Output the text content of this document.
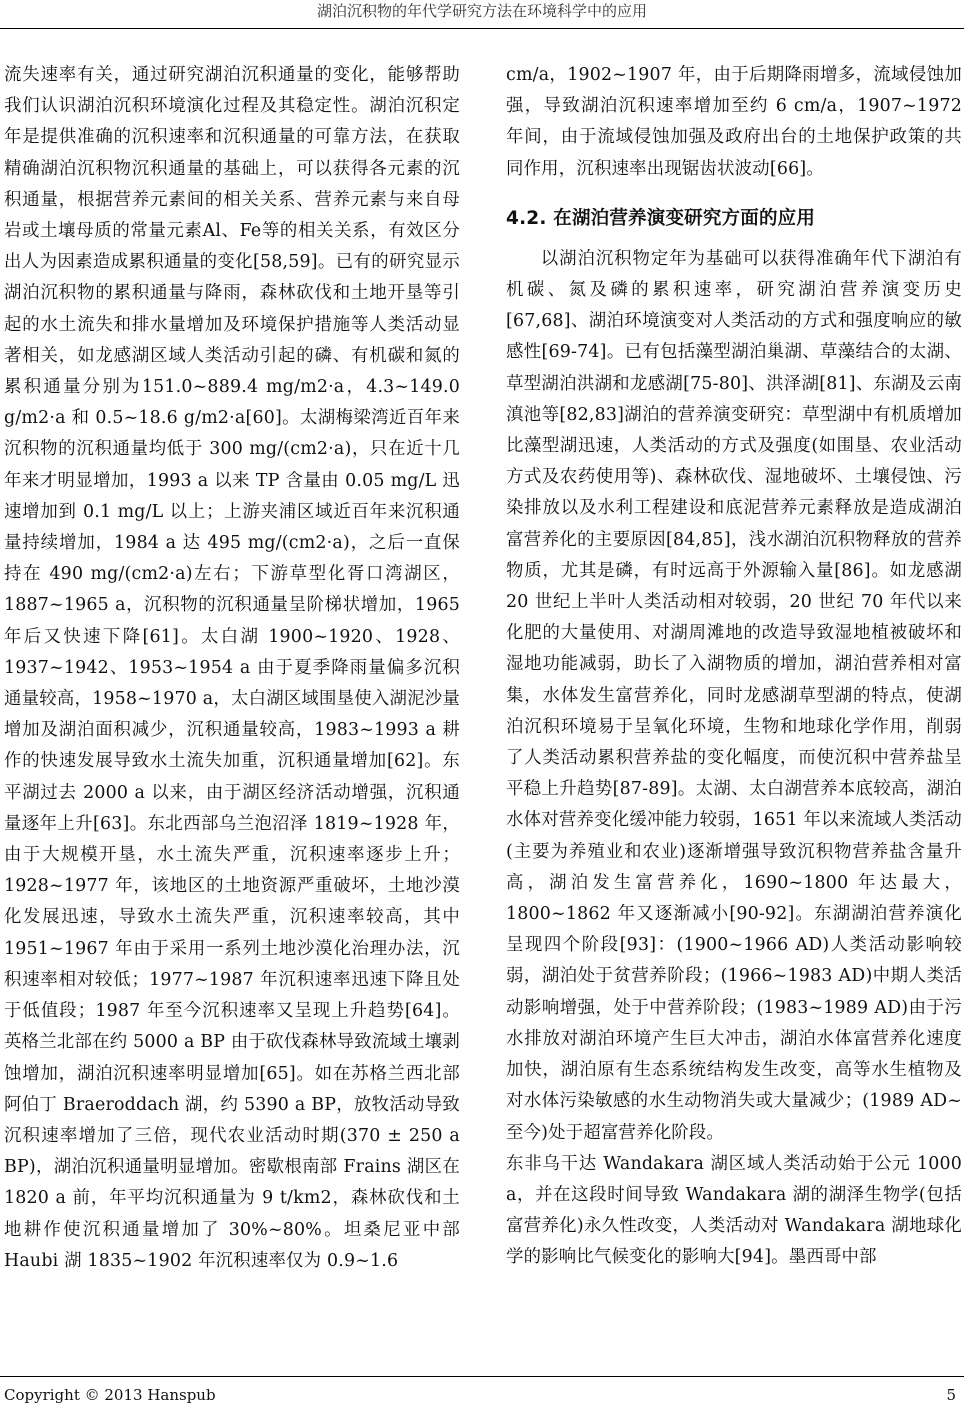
湖泊沉积物的年代学研究方法在环境科学中的应用

流失速率有关，通过研究湖泊沉积通量的变化，能够帮助我们认识湖泊沉积环境演化过程及其稳定性。湖泊沉积定年是提供准确的沉积速率和沉积通量的可靠方法，在获取精确湖泊沉积物沉积通量的基础上，可以获得各元素的沉积通量，根据营养元素间的相关关系、营养元素与来自母岩或土壤母质的常量元素Al、Fe等的相关关系，有效区分出人为因素造成累积通量的变化[58,59]。已有的研究显示湖泊沉积物的累积通量与降雨，森林砍伐和土地开垦等引起的水土流失和排水量增加及环境保护措施等人类活动显著相关，如龙感湖区域人类活动引起的磷、有机碳和氮的累积通量分别为151.0~889.4 mg/m2·a，4.3~149.0 g/m2·a 和 0.5~18.6 g/m2·a[60]。太湖梅梁湾近百年来沉积物的沉积通量均低于 300 mg/(cm2·a)，只在近十几年来才明显增加，1993 a 以来 TP 含量由 0.05 mg/L 迅速增加到 0.1 mg/L 以上；上游夹浦区域近百年来沉积通量持续增加，1984 a 达 495 mg/(cm2·a)，之后一直保持在 490 mg/(cm2·a)左右；下游草型化胥口湾湖区，1887~1965 a，沉积物的沉积通量呈阶梯状增加，1965 年后又快速下降[61]。太白湖 1900~1920、1928、1937~1942、1953~1954 a 由于夏季降雨量偏多沉积通量较高，1958~1970 a，太白湖区域围垦使入湖泥沙量增加及湖泊面积减少，沉积通量较高，1983~1993 a 耕作的快速发展导致水土流失加重，沉积通量增加[62]。东平湖过去 2000 a 以来，由于湖区经济活动增强，沉积通量逐年上升[63]。东北西部乌兰泡沼泽 1819~1928 年，由于大规模开垦，水土流失严重，沉积速率逐步上升；1928~1977 年，该地区的土地资源严重破坏，土地沙漠化发展迅速，导致水土流失严重，沉积速率较高，其中 1951~1967 年由于采用一系列土地沙漠化治理办法，沉积速率相对较低；1977~1987 年沉积速率迅速下降且处于低值段；1987 年至今沉积速率又呈现上升趋势[64]。英格兰北部在约 5000 a BP 由于砍伐森林导致流域土壤剥蚀增加，湖泊沉积速率明显增加[65]。如在苏格兰西北部阿伯丁 Braeroddach 湖，约 5390 a BP，放牧活动导致沉积速率增加了三倍，现代农业活动时期(370 ± 250 a BP)，湖泊沉积通量明显增加。密歇根南部 Frains 湖区在 1820 a 前，年平均沉积通量为 9 t/km2，森林砍伐和土地耕作使沉积通量增加了 30%~80%。坦桑尼亚中部 Haubi 湖 1835~1902 年沉积速率仅为 0.9~1.6

cm/a，1902~1907 年，由于后期降雨增多，流域侵蚀加强，导致湖泊沉积速率增加至约 6 cm/a，1907~1972 年间，由于流域侵蚀加强及政府出台的土地保护政策的共同作用，沉积速率出现锯齿状波动[66]。

4.2. 在湖泊营养演变研究方面的应用

以湖泊沉积物定年为基础可以获得准确年代下湖泊有机碳、氮及磷的累积速率，研究湖泊营养演变历史[67,68]、湖泊环境演变对人类活动的方式和强度响应的敏感性[69-74]。已有包括藻型湖泊巢湖、草藻结合的太湖、草型湖泊洪湖和龙感湖[75-80]、洪泽湖[81]、东湖及云南滇池等[82,83]湖泊的营养演变研究：草型湖中有机质增加比藻型湖迅速，人类活动的方式及强度(如围垦、农业活动方式及农药使用等)、森林砍伐、湿地破坏、土壤侵蚀、污染排放以及水利工程建设和底泥营养元素释放是造成湖泊富营养化的主要原因[84,85]，浅水湖泊沉积物释放的营养物质，尤其是磷，有时远高于外源输入量[86]。如龙感湖 20 世纪上半叶人类活动相对较弱，20 世纪 70 年代以来化肥的大量使用、对湖周滩地的改造导致湿地植被破坏和湿地功能减弱，助长了入湖物质的增加，湖泊营养相对富集，水体发生富营养化，同时龙感湖草型湖的特点，使湖泊沉积环境易于呈氧化环境，生物和地球化学作用，削弱了人类活动累积营养盐的变化幅度，而使沉积中营养盐呈平稳上升趋势[87-89]。太湖、太白湖营养本底较高，湖泊水体对营养变化缓冲能力较弱，1651 年以来流域人类活动(主要为养殖业和农业)逐渐增强导致沉积物营养盐含量升高，湖泊发生富营养化，1690~1800 年达最大，1800~1862 年又逐渐减小[90-92]。东湖湖泊营养演化呈现四个阶段[93]：(1900~1966 AD)人类活动影响较弱，湖泊处于贫营养阶段；(1966~1983 AD)中期人类活动影响增强，处于中营养阶段；(1983~1989 AD)由于污水排放对湖泊环境产生巨大冲击，湖泊水体富营养化速度加快，湖泊原有生态系统结构发生改变，高等水生植物及对水体污染敏感的水生动物消失或大量减少；(1989 AD~至今)处于超富营养化阶段。

东非乌干达 Wandakara 湖区域人类活动始于公元 1000 a，并在这段时间导致 Wandakara 湖的湖泽生物学(包括富营养化)永久性改变，人类活动对 Wandakara 湖地球化学的影响比气候变化的影响大[94]。墨西哥中部

Copyright © 2013 Hanspub	5
